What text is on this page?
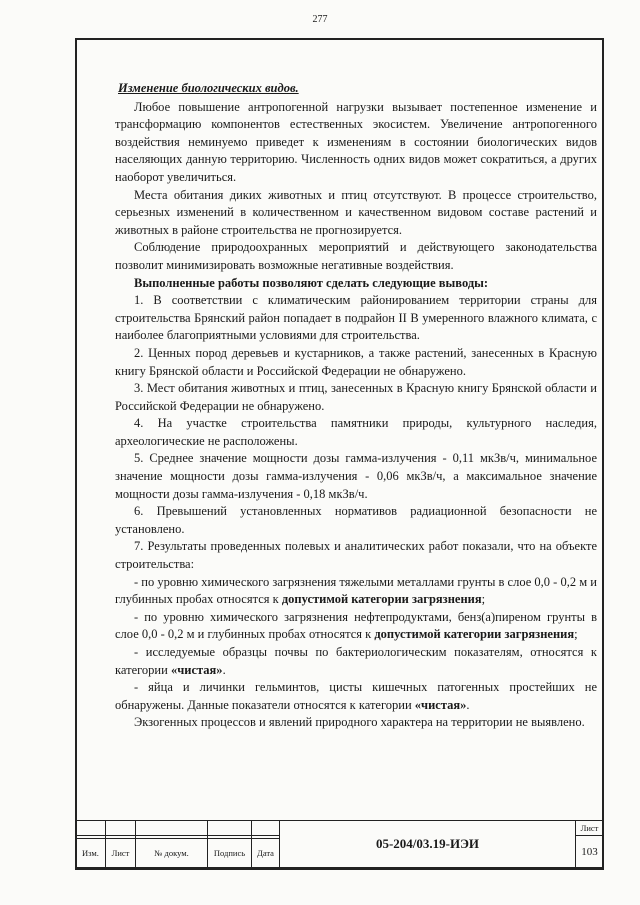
277

Изменение биологических видов.

Любое повышение антропогенной нагрузки вызывает постепенное изменение и трансформацию компонентов естественных экосистем. Увеличение антропогенного воздействия неминуемо приведет к изменениям в состоянии биологических видов населяющих данную территорию. Численность одних видов может сократиться, а других наоборот увеличиться.

Места обитания диких животных и птиц отсутствуют. В процессе строительство, серьезных изменений в количественном и качественном видовом составе растений и животных в районе строительства не прогнозируется.

Соблюдение природоохранных мероприятий и действующего законодательства позволит минимизировать возможные негативные воздействия.

Выполненные работы позволяют сделать следующие выводы:

1. В соответствии с климатическим районированием территории страны для строительства Брянский район попадает в подрайон II В умеренного влажного климата, с наиболее благоприятными условиями для строительства.

2. Ценных пород деревьев и кустарников, а также растений, занесенных в Красную книгу Брянской области и Российской Федерации не обнаружено.

3. Мест обитания животных и птиц, занесенных в Красную книгу Брянской области и Российской Федерации не обнаружено.

4. На участке строительства памятники природы, культурного наследия, археологические не расположены.

5. Среднее значение мощности дозы гамма-излучения - 0,11 мкЗв/ч, минимальное значение мощности дозы гамма-излучения - 0,06 мкЗв/ч, а максимальное значение мощности дозы гамма-излучения - 0,18 мкЗв/ч.

6. Превышений установленных нормативов радиационной безопасности не установлено.

7. Результаты проведенных полевых и аналитических работ показали, что на объекте строительства:

- по уровню химического загрязнения тяжелыми металлами грунты в слое 0,0 - 0,2 м и глубинных пробах относятся к допустимой категории загрязнения;

- по уровню химического загрязнения нефтепродуктами, бенз(а)пиреном грунты в слое 0,0 - 0,2 м и глубинных пробах относятся к допустимой категории загрязнения;

- исследуемые образцы почвы по бактериологическим показателям, относятся к категории «чистая».

- яйца и личинки гельминтов, цисты кишечных патогенных простейших не обнаружены. Данные показатели относятся к категории «чистая».

Экзогенных процессов и явлений природного характера на территории не выявлено.

					05-204/03.19-ИЭИ	Лист
						103
Изм.	Лист	№ докум.	Подпись	Дата		
